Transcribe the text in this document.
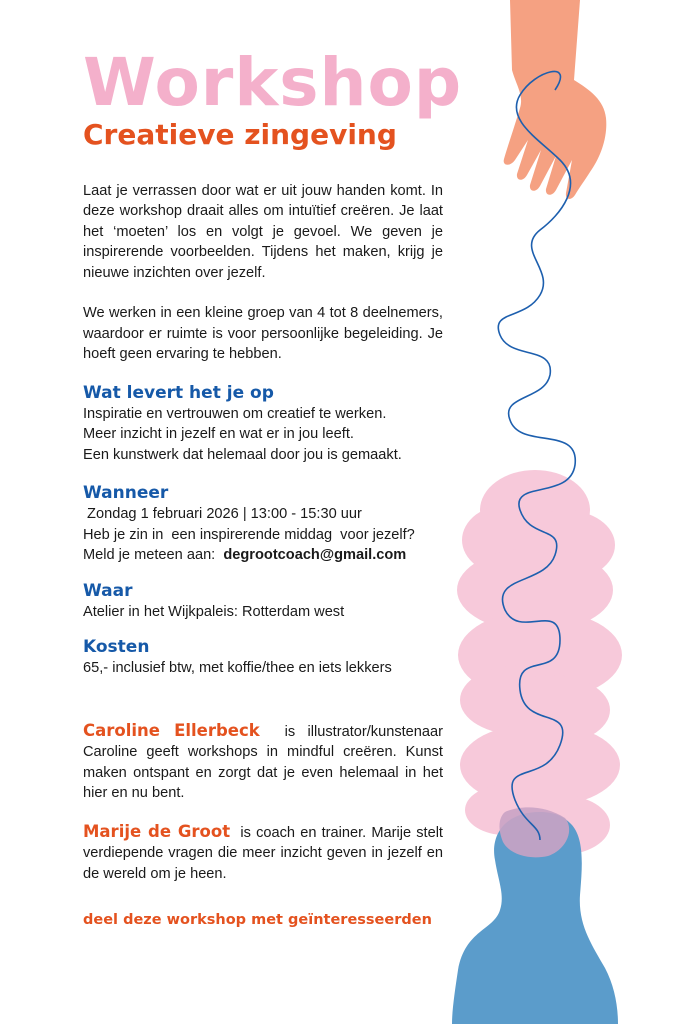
Workshop
Creatieve zingeving

Laat je verrassen door wat er uit jouw handen komt. In deze workshop draait alles om intuïtief creëren. Je laat het ‘moeten’ los en volgt je gevoel. We geven je inspirerende voorbeelden. Tijdens het maken, krijg je nieuwe inzichten over jezelf.

We werken in een kleine groep van 4 tot 8 deelnemers, waardoor er ruimte is voor persoonlijke begeleiding. Je hoeft geen ervaring te hebben.

Wat levert het je op

Inspiratie en vertrouwen om creatief te werken.

Meer inzicht in jezelf en wat er in jou leeft.

Een kunstwerk dat helemaal door jou is gemaakt.

Wanneer

Zondag 1 februari 2026 | 13:00 - 15:30 uur

Heb je zin in  een inspirerende middag  voor jezelf?

Meld je meteen aan:  degrootcoach@gmail.com

Waar

Atelier in het Wijkpaleis: Rotterdam west

Kosten

65,- inclusief btw, met koffie/thee en iets lekkers

Caroline Ellerbeck  is illustrator/kunstenaar Caroline geeft workshops in mindful creëren. Kunst maken ontspant en zorgt dat je even helemaal in het hier en nu bent.

Marije de Groot  is coach en trainer. Marije stelt verdiepende vragen die meer inzicht geven in jezelf en de wereld om je heen.

deel deze workshop met geïnteresseerden
